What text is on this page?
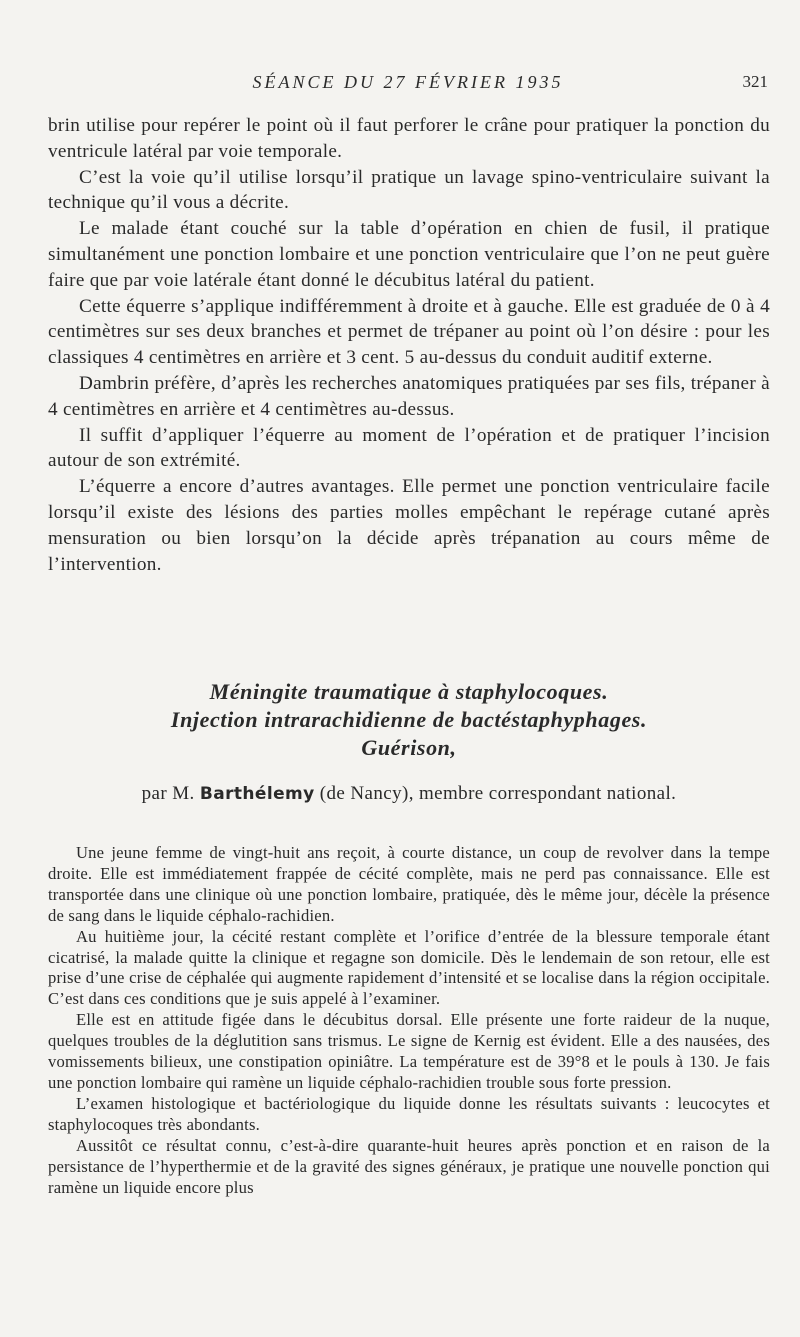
SÉANCE DU 27 FÉVRIER 1935	321

brin utilise pour repérer le point où il faut perforer le crâne pour pratiquer la ponction du ventricule latéral par voie temporale.

C’est la voie qu’il utilise lorsqu’il pratique un lavage spino-ventriculaire suivant la technique qu’il vous a décrite.

Le malade étant couché sur la table d’opération en chien de fusil, il pratique simultanément une ponction lombaire et une ponction ventriculaire que l’on ne peut guère faire que par voie latérale étant donné le décubitus latéral du patient.

Cette équerre s’applique indifféremment à droite et à gauche. Elle est graduée de 0 à 4 centimètres sur ses deux branches et permet de trépaner au point où l’on désire : pour les classiques 4 centimètres en arrière et 3 cent. 5 au-dessus du conduit auditif externe.

Dambrin préfère, d’après les recherches anatomiques pratiquées par ses fils, trépaner à 4 centimètres en arrière et 4 centimètres au-dessus.

Il suffit d’appliquer l’équerre au moment de l’opération et de pratiquer l’incision autour de son extrémité.

L’équerre a encore d’autres avantages. Elle permet une ponction ventriculaire facile lorsqu’il existe des lésions des parties molles empêchant le repérage cutané après mensuration ou bien lorsqu’on la décide après trépanation au cours même de l’intervention.

Méningite traumatique à staphylocoques.

Injection intrarachidienne de bactéstaphyphages.

Guérison,

par M. Barthélemy (de Nancy), membre correspondant national.

Une jeune femme de vingt-huit ans reçoit, à courte distance, un coup de revolver dans la tempe droite. Elle est immédiatement frappée de cécité complète, mais ne perd pas connaissance. Elle est transportée dans une clinique où une ponction lombaire, pratiquée, dès le même jour, décèle la présence de sang dans le liquide céphalo-rachidien.

Au huitième jour, la cécité restant complète et l’orifice d’entrée de la blessure temporale étant cicatrisé, la malade quitte la clinique et regagne son domicile. Dès le lendemain de son retour, elle est prise d’une crise de céphalée qui augmente rapidement d’intensité et se localise dans la région occipitale. C’est dans ces conditions que je suis appelé à l’examiner.

Elle est en attitude figée dans le décubitus dorsal. Elle présente une forte raideur de la nuque, quelques troubles de la déglutition sans trismus. Le signe de Kernig est évident. Elle a des nausées, des vomissements bilieux, une constipation opiniâtre. La température est de 39°8 et le pouls à 130. Je fais une ponction lombaire qui ramène un liquide céphalo-rachidien trouble sous forte pression.

L’examen histologique et bactériologique du liquide donne les résultats suivants : leucocytes et staphylocoques très abondants.

Aussitôt ce résultat connu, c’est-à-dire quarante-huit heures après ponction et en raison de la persistance de l’hyperthermie et de la gravité des signes généraux, je pratique une nouvelle ponction qui ramène un liquide encore plus
